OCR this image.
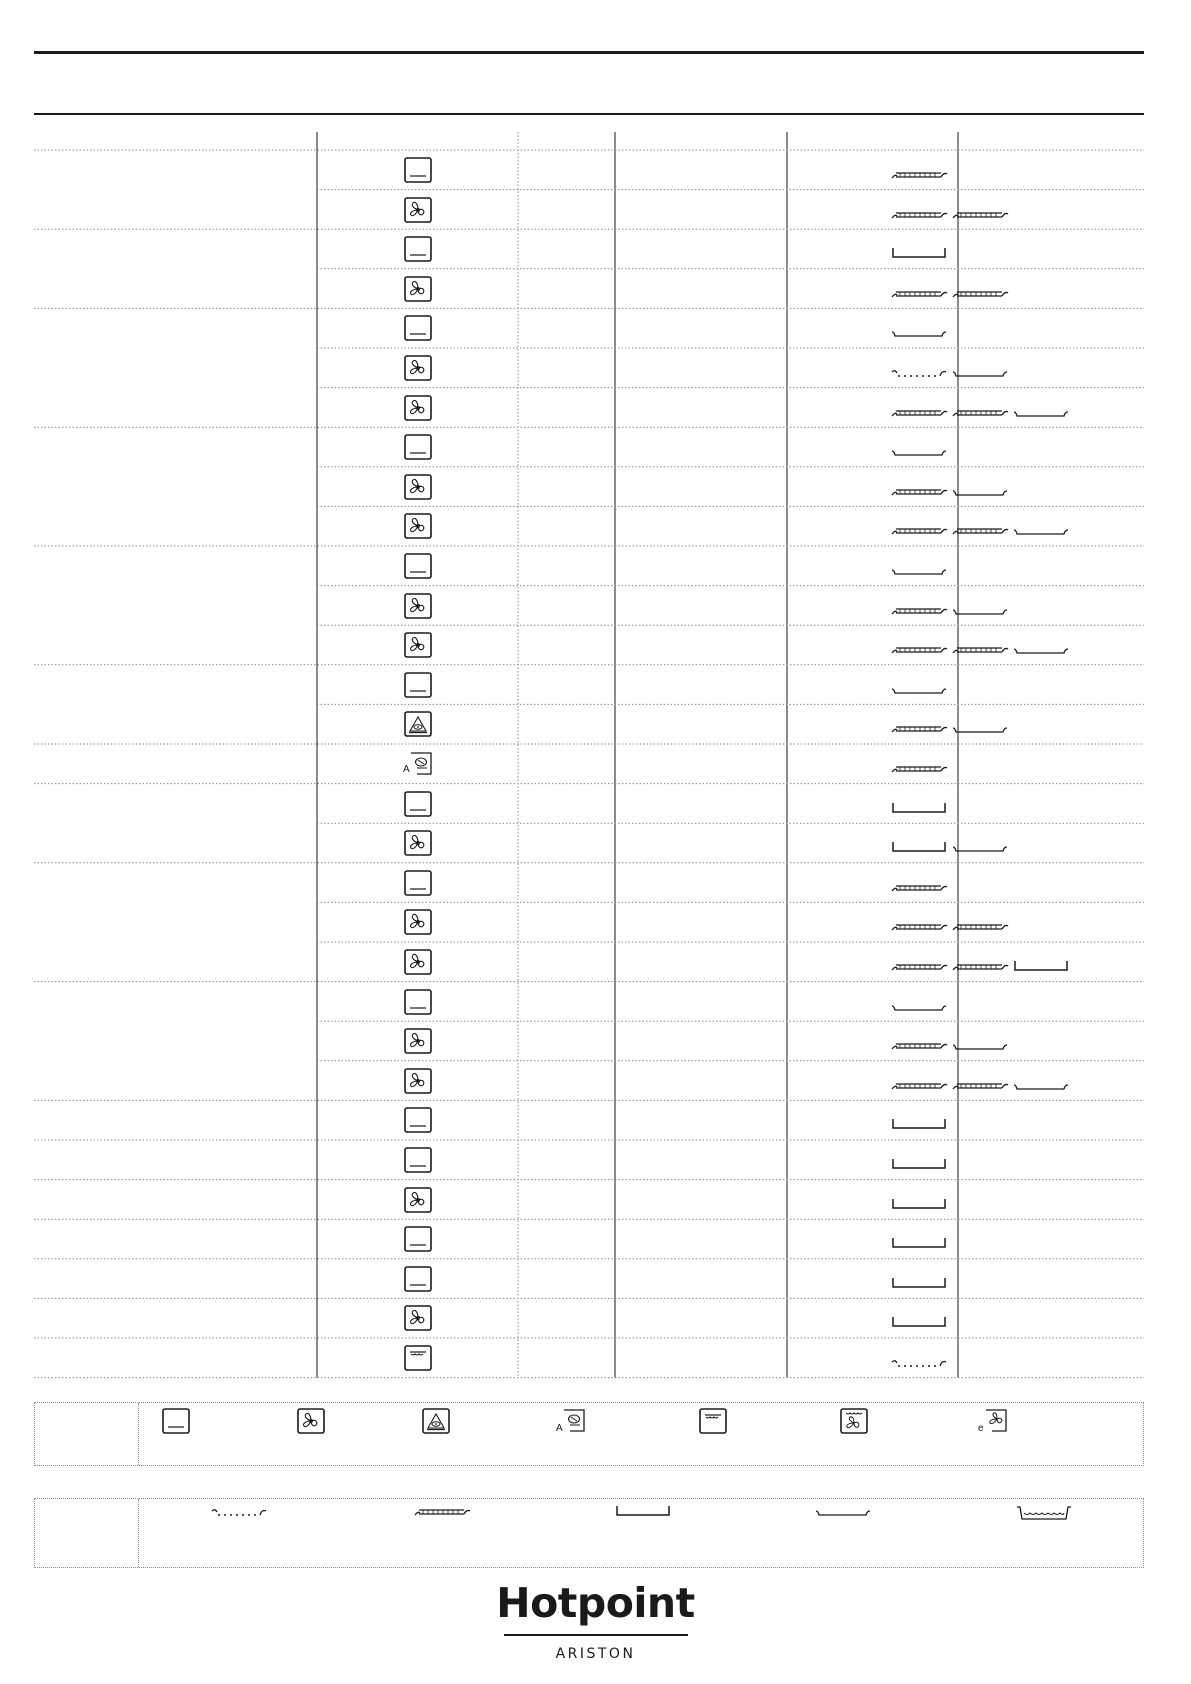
A
A	e
Hotpoint
ARISTON
